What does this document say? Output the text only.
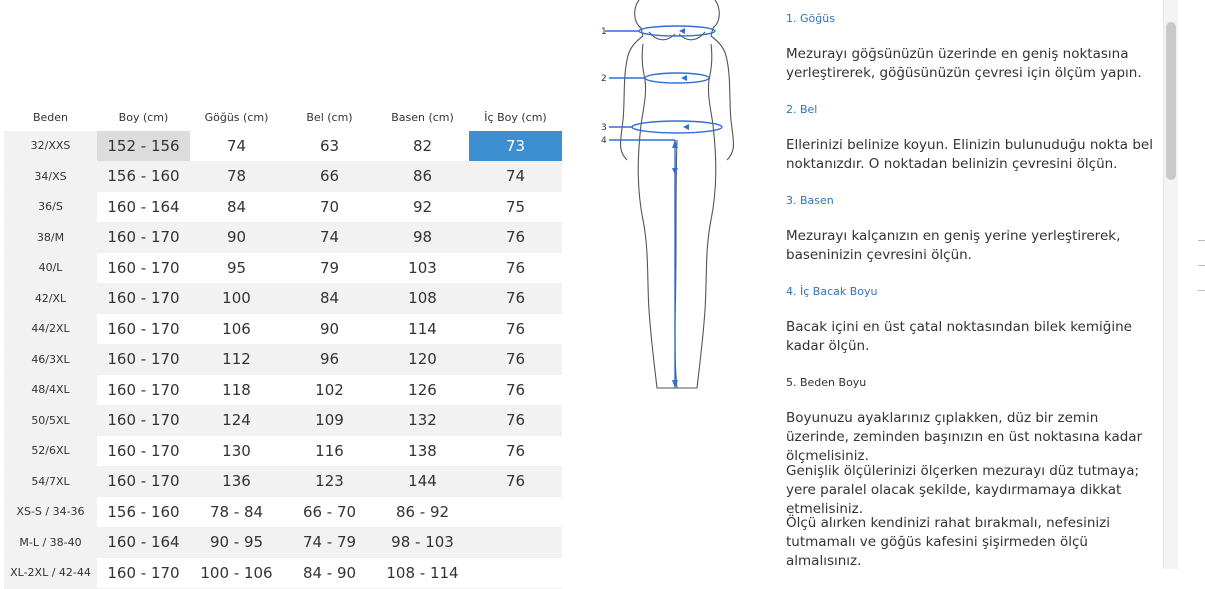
Beden	Boy (cm)	Göğüs (cm)	Bel (cm)	Basen (cm)	İç Boy (cm)
32/XXS	152 - 156	74	63	82	73
34/XS	156 - 160	78	66	86	74
36/S	160 - 164	84	70	92	75
38/M	160 - 170	90	74	98	76
40/L	160 - 170	95	79	103	76
42/XL	160 - 170	100	84	108	76
44/2XL	160 - 170	106	90	114	76
46/3XL	160 - 170	112	96	120	76
48/4XL	160 - 170	118	102	126	76
50/5XL	160 - 170	124	109	132	76
52/6XL	160 - 170	130	116	138	76
54/7XL	160 - 170	136	123	144	76
XS-S / 34-36	156 - 160	78 - 84	66 - 70	86 - 92	
M-L / 38-40	160 - 164	90 - 95	74 - 79	98 - 103	
XL-2XL / 42-44	160 - 170	100 - 106	84 - 90	108 - 114	
1
2
3
4
1. Göğüs
Mezurayı göğsünüzün üzerinde en geniş noktasına yerleştirerek, göğüsünüzün çevresi için ölçüm yapın.
2. Bel
Ellerinizi belinize koyun. Elinizin bulunuduğu nokta bel noktanızdır. O noktadan belinizin çevresini ölçün.
3. Basen
Mezurayı kalçanızın en geniş yerine yerleştirerek, baseninizin çevresini ölçün.
4. İç Bacak Boyu
Bacak içini en üst çatal noktasından bilek kemiğine kadar ölçün.
5. Beden Boyu
Boyunuzu ayaklarınız çıplakken, düz bir zemin üzerinde, zeminden başınızın en üst noktasına kadar ölçmelisiniz.
Genişlik ölçülerinizi ölçerken mezurayı düz tutmaya; yere paralel olacak şekilde, kaydırmamaya dikkat etmelisiniz.
Ölçü alırken kendinizi rahat bırakmalı, nefesinizi tutmamalı ve göğüs kafesini şişirmeden ölçü almalısınız.
